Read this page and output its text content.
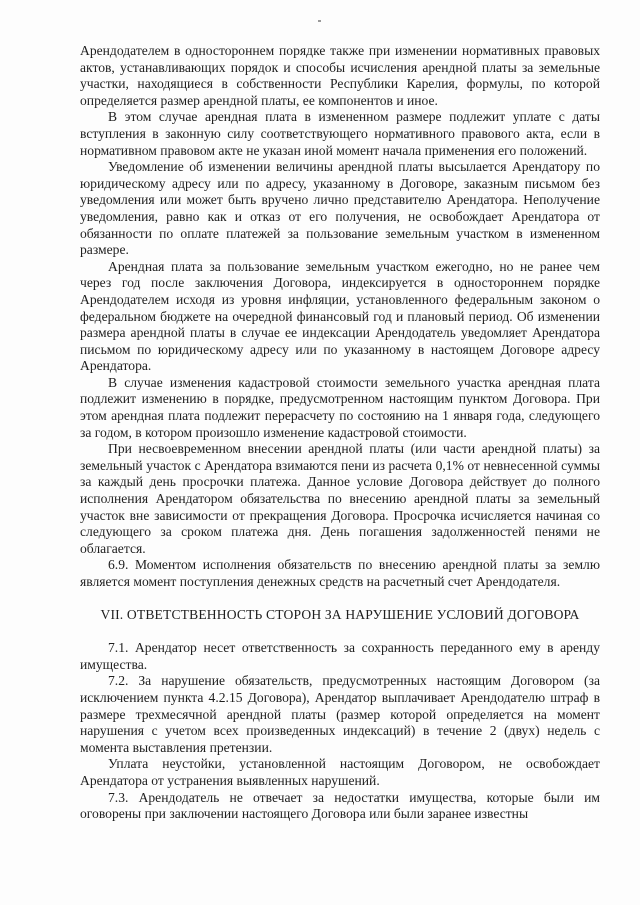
Арендодателем в одностороннем порядке также при изменении нормативных правовых актов, устанавливающих порядок и способы исчисления арендной платы за земельные участки, находящиеся в собственности Республики Карелия, формулы, по которой определяется размер арендной платы, ее компонентов и иное.

В этом случае арендная плата в измененном размере подлежит уплате с даты вступления в законную силу соответствующего нормативного правового акта, если в нормативном правовом акте не указан иной момент начала применения его положений.

Уведомление об изменении величины арендной платы высылается Арендатору по юридическому адресу или по адресу, указанному в Договоре, заказным письмом без уведомления или может быть вручено лично представителю Арендатора. Неполучение уведомления, равно как и отказ от его получения, не освобождает Арендатора от обязанности по оплате платежей за пользование земельным участком в измененном размере.

Арендная плата за пользование земельным участком ежегодно, но не ранее чем через год после заключения Договора, индексируется в одностороннем порядке Арендодателем исходя из уровня инфляции, установленного федеральным законом о федеральном бюджете на очередной финансовый год и плановый период. Об изменении размера арендной платы в случае ее индексации Арендодатель уведомляет Арендатора письмом по юридическому адресу или по указанному в настоящем Договоре адресу Арендатора.

В случае изменения кадастровой стоимости земельного участка арендная плата подлежит изменению в порядке, предусмотренном настоящим пунктом Договора. При этом арендная плата подлежит перерасчету по состоянию на 1 января года, следующего за годом, в котором произошло изменение кадастровой стоимости.

При несвоевременном внесении арендной платы (или части арендной платы) за земельный участок с Арендатора взимаются пени из расчета 0,1% от невнесенной суммы за каждый день просрочки платежа. Данное условие Договора действует до полного исполнения Арендатором обязательства по внесению арендной платы за земельный участок вне зависимости от прекращения Договора. Просрочка исчисляется начиная со следующего за сроком платежа дня. День погашения задолженностей пенями не облагается.

6.9. Моментом исполнения обязательств по внесению арендной платы за землю является момент поступления денежных средств на расчетный счет Арендодателя.

VII. ОТВЕТСТВЕННОСТЬ СТОРОН ЗА НАРУШЕНИЕ УСЛОВИЙ ДОГОВОРА

7.1. Арендатор несет ответственность за сохранность переданного ему в аренду имущества.

7.2. За нарушение обязательств, предусмотренных настоящим Договором (за исключением пункта 4.2.15 Договора), Арендатор выплачивает Арендодателю штраф в размере трехмесячной арендной платы (размер которой определяется на момент нарушения с учетом всех произведенных индексаций) в течение 2 (двух) недель с момента выставления претензии.

Уплата неустойки, установленной настоящим Договором, не освобождает Арендатора от устранения выявленных нарушений.

7.3. Арендодатель не отвечает за недостатки имущества, которые были им оговорены при заключении настоящего Договора или были заранее известны
